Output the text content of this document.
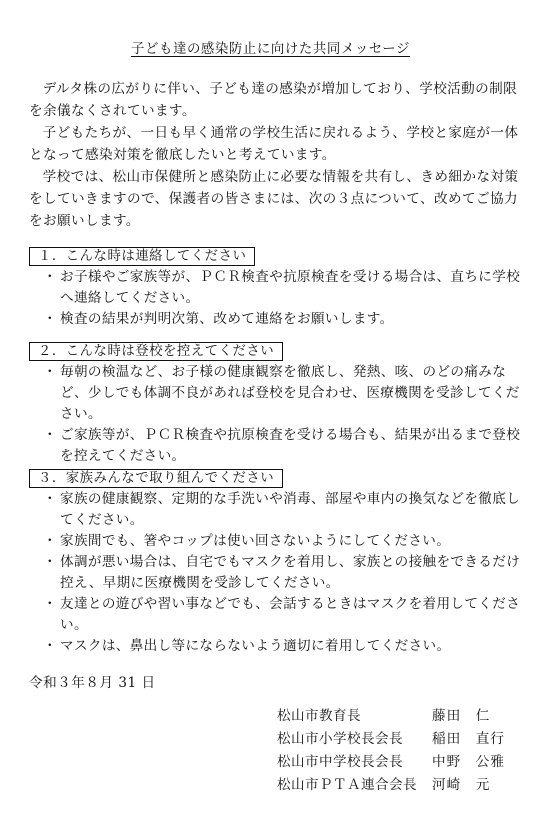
子ども達の感染防止に向けた共同メッセージ

デルタ株の広がりに伴い、子ども達の感染が増加しており、学校活動の制限を余儀なくされています。

子どもたちが、一日も早く通常の学校生活に戻れるよう、学校と家庭が一体となって感染対策を徹底したいと考えています。

学校では、松山市保健所と感染防止に必要な情報を共有し、きめ細かな対策をしていきますので、保護者の皆さまには、次の３点について、改めてご協力をお願いします。

１．こんな時は連絡してください
・ お子様やご家族等が、ＰＣＲ検査や抗原検査を受ける場合は、直ちに学校へ連絡してください。
・ 検査の結果が判明次第、改めて連絡をお願いします。
２．こんな時は登校を控えてください
・ 毎朝の検温など、お子様の健康観察を徹底し、発熱、咳、のどの痛みなど、少しでも体調不良があれば登校を見合わせ、医療機関を受診してください。
・ ご家族等が、ＰＣＲ検査や抗原検査を受ける場合も、結果が出るまで登校を控えてください。
３．家族みんなで取り組んでください
・ 家族の健康観察、定期的な手洗いや消毒、部屋や車内の換気などを徹底してください。
・ 家族間でも、箸やコップは使い回さないようにしてください。
・ 体調が悪い場合は、自宅でもマスクを着用し、家族との接触をできるだけ控え、早期に医療機関を受診してください。
・ 友達との遊びや習い事などでも、会話するときはマスクを着用してください。
・ マスクは、鼻出し等にならないよう適切に着用してください。
令和３年８月 31 日
松山市教育長	藤田　仁
松山市小学校長会長	稲田　直行
松山市中学校長会長	中野　公雅
松山市ＰＴＡ連合会長	河崎　元
